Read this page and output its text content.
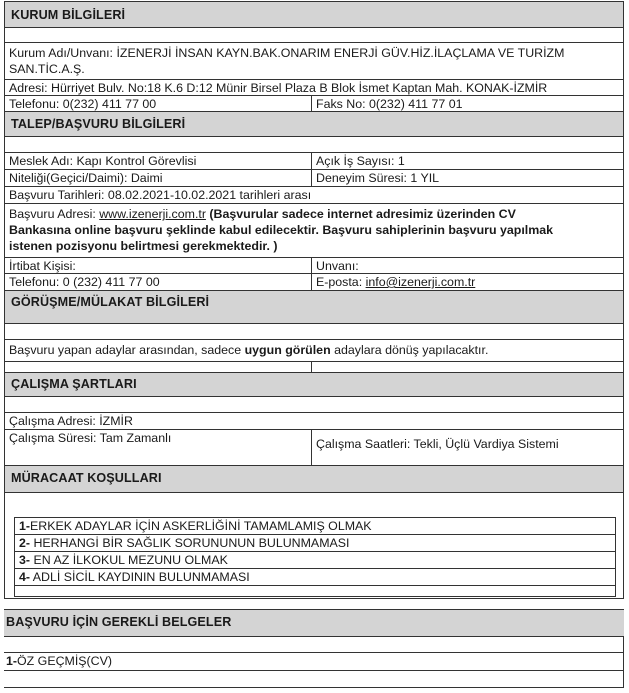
KURUM BİLGİLERİ
Kurum Adı/Unvanı: İZENERJİ İNSAN KAYN.BAK.ONARIM ENERJİ GÜV.HİZ.İLAÇLAMA VE TURİZM
SAN.TİC.A.Ş.
Adresi: Hürriyet Bulv. No:18 K.6 D:12 Münir Birsel Plaza B Blok İsmet Kaptan Mah. KONAK-İZMİR
Telefonu: 0(232) 411 77 00	Faks No: 0(232) 411 77 01
TALEP/BAŞVURU BİLGİLERİ
Meslek Adı: Kapı Kontrol Görevlisi	Açık İş Sayısı: 1
Niteliği(Geçici/Daimi): Daimi	Deneyim Süresi: 1 YIL
Başvuru Tarihleri: 08.02.2021-10.02.2021 tarihleri arası
Başvuru Adresi: www.izenerji.com.tr (Başvurular sadece internet adresimiz üzerinden CV
Bankasına online başvuru şeklinde kabul edilecektir. Başvuru sahiplerinin başvuru yapılmak
istenen pozisyonu belirtmesi gerekmektedir. )
İrtibat Kişisi:	Unvanı:
Telefonu: 0 (232) 411 77 00	E-posta: info@izenerji.com.tr
GÖRÜŞME/MÜLAKAT BİLGİLERİ
Başvuru yapan adaylar arasından, sadece uygun görülen adaylara dönüş yapılacaktır.
ÇALIŞMA ŞARTLARI
Çalışma Adresi: İZMİR
Çalışma Süresi: Tam Zamanlı	Çalışma Saatleri: Tekli, Üçlü Vardiya Sistemi
MÜRACAAT KOŞULLARI
1-ERKEK ADAYLAR İÇİN ASKERLİĞİNİ TAMAMLAMIŞ OLMAK
2- HERHANGİ BİR SAĞLIK SORUNUNUN BULUNMAMASI
3- EN AZ İLKOKUL MEZUNU OLMAK
4- ADLİ SİCİL KAYDININ BULUNMAMASI
BAŞVURU İÇİN GEREKLİ BELGELER
1-ÖZ GEÇMİŞ(CV)
